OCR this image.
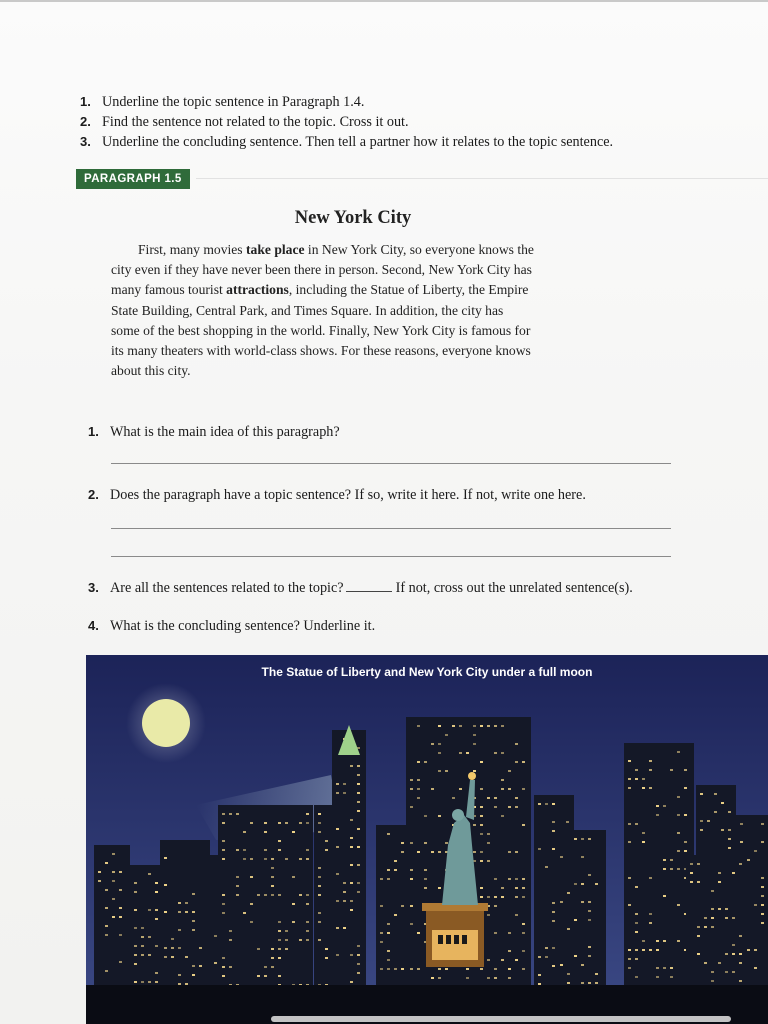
1. Underline the topic sentence in Paragraph 1.4.
2. Find the sentence not related to the topic. Cross it out.
3. Underline the concluding sentence. Then tell a partner how it relates to the topic sentence.
PARAGRAPH 1.5
New York City
First, many movies take place in New York City, so everyone knows the
city even if they have never been there in person. Second, New York City has
many famous tourist attractions, including the Statue of Liberty, the Empire
State Building, Central Park, and Times Square. In addition, the city has
some of the best shopping in the world. Finally, New York City is famous for
its many theaters with world-class shows. For these reasons, everyone knows
about this city.
1. What is the main idea of this paragraph?
2. Does the paragraph have a topic sentence? If so, write it here. If not, write one here.
3. Are all the sentences related to the topic?	If not, cross out the unrelated sentence(s).
4. What is the concluding sentence? Underline it.
The Statue of Liberty and New York City under a full moon
